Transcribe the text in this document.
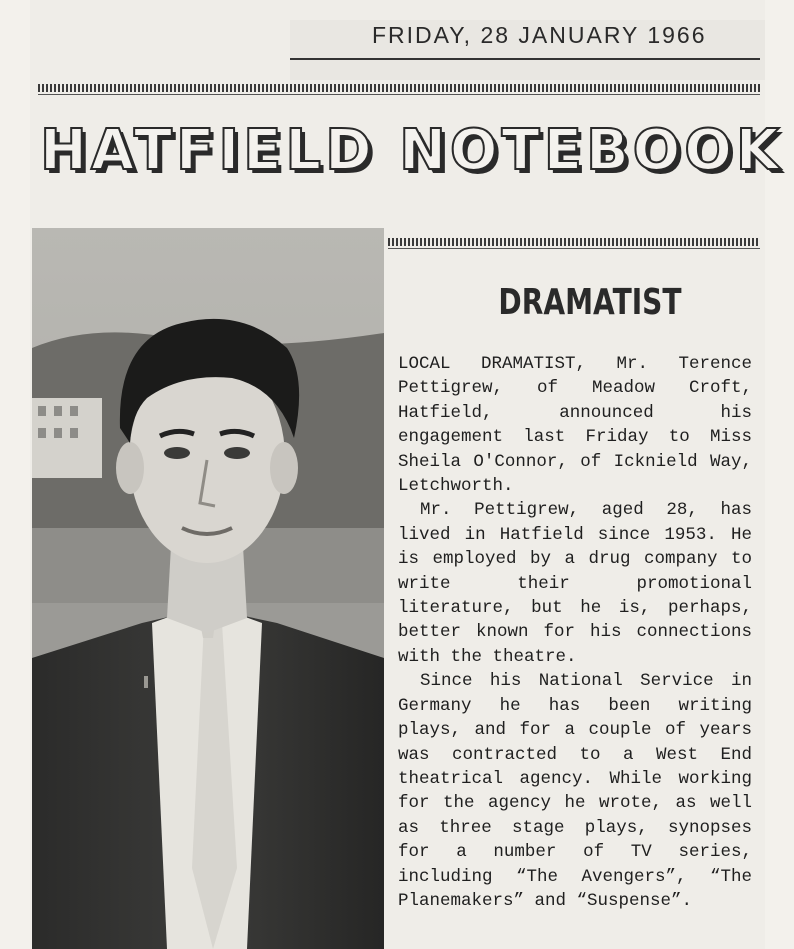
FRIDAY, 28 JANUARY 1966
HATFIELD NOTEBOOK
DRAMATIST

LOCAL DRAMATIST, Mr. Terence Pettigrew, of Meadow Croft, Hatfield, announced his engagement last Friday to Miss Sheila O'Connor, of Icknield Way, Letchworth.

Mr. Pettigrew, aged 28, has lived in Hatfield since 1953. He is employed by a drug company to write their promotional literature, but he is, perhaps, better known for his connections with the theatre.

Since his National Service in Germany he has been writing plays, and for a couple of years was contracted to a West End theatrical agency. While working for the agency he wrote, as well as three stage plays, synopses for a number of TV series, including “The Avengers”, “The Planemakers” and “Suspense”.
